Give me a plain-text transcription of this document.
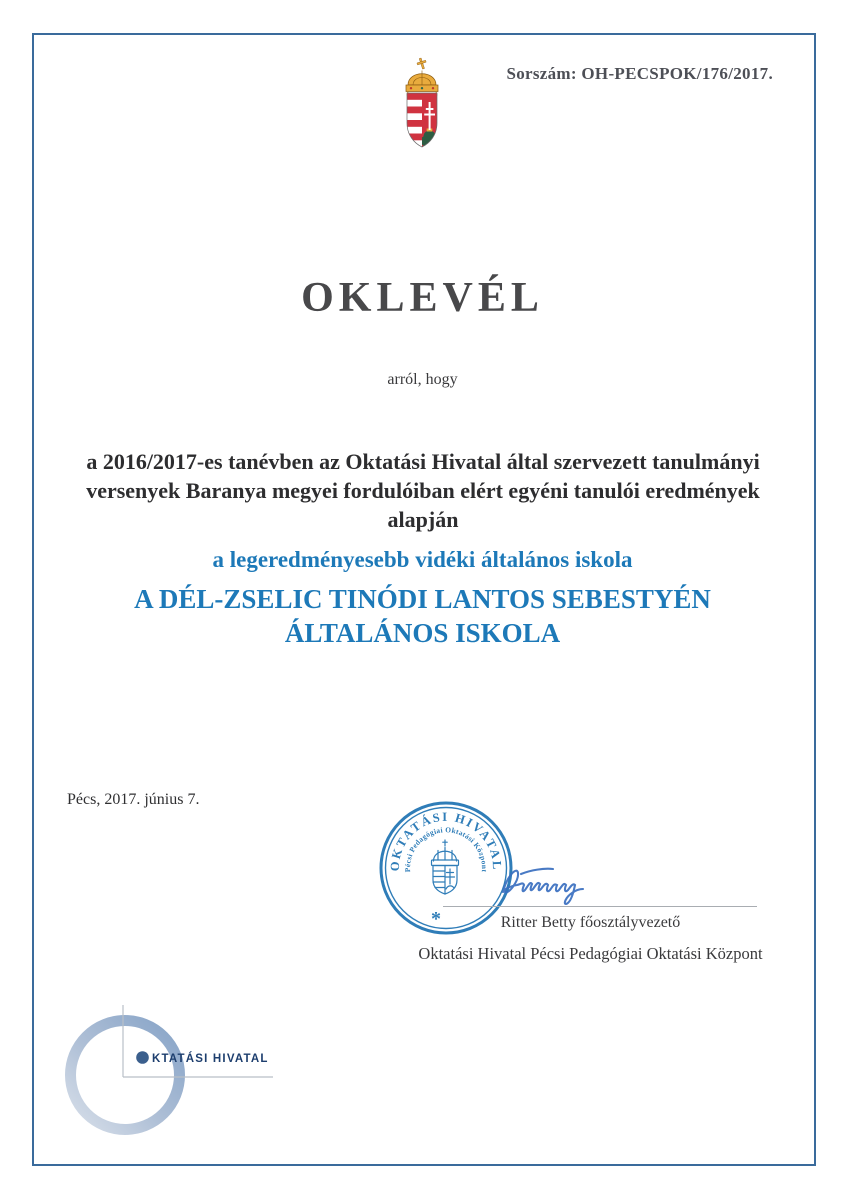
Sorszám: OH-PECSPOK/176/2017.
OKLEVÉL
arról, hogy
a 2016/2017-es tanévben az Oktatási Hivatal által szervezett tanulmányi
versenyek Baranya megyei fordulóiban elért egyéni tanulói eredmények
alapján
a legeredményesebb vidéki általános iskola
A DÉL-ZSELIC TINÓDI LANTOS SEBESTYÉN
ÁLTALÁNOS ISKOLA
Pécs, 2017. június 7.
OKTATÁSI HIVATAL
Pécsi Pedagógiai Oktatási Központ
*	Ritter Betty főosztályvezető
Oktatási Hivatal Pécsi Pedagógiai Oktatási Központ
KTATÁSI HIVATAL
